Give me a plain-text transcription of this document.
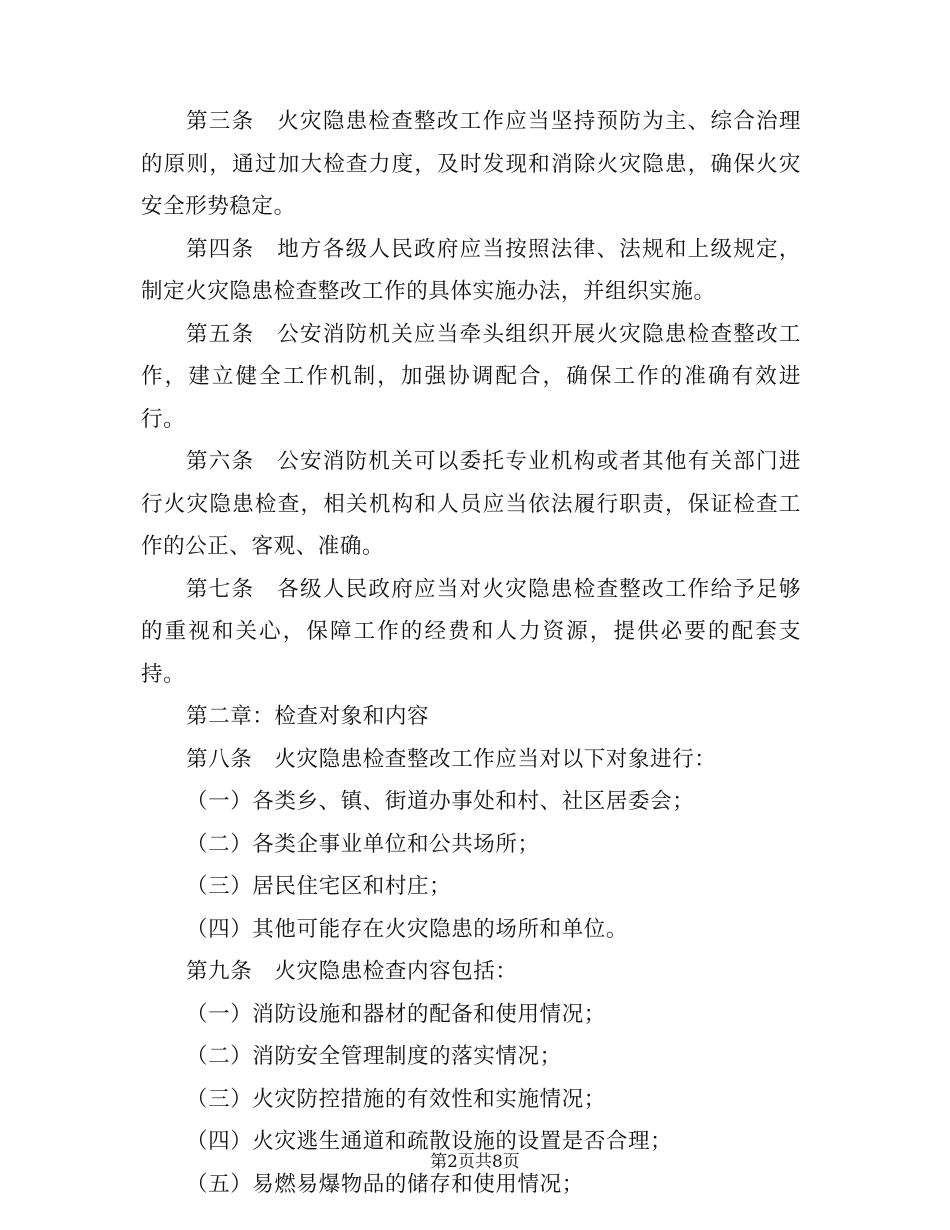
第三条　火灾隐患检查整改工作应当坚持预防为主、综合治理的原则，通过加大检查力度，及时发现和消除火灾隐患，确保火灾安全形势稳定。

第四条　地方各级人民政府应当按照法律、法规和上级规定，制定火灾隐患检查整改工作的具体实施办法，并组织实施。

第五条　公安消防机关应当牵头组织开展火灾隐患检查整改工作，建立健全工作机制，加强协调配合，确保工作的准确有效进行。

第六条　公安消防机关可以委托专业机构或者其他有关部门进行火灾隐患检查，相关机构和人员应当依法履行职责，保证检查工作的公正、客观、准确。

第七条　各级人民政府应当对火灾隐患检查整改工作给予足够的重视和关心，保障工作的经费和人力资源，提供必要的配套支持。

第二章：检查对象和内容

第八条　火灾隐患检查整改工作应当对以下对象进行：

（一）各类乡、镇、街道办事处和村、社区居委会；

（二）各类企事业单位和公共场所；

（三）居民住宅区和村庄；

（四）其他可能存在火灾隐患的场所和单位。

第九条　火灾隐患检查内容包括：

（一）消防设施和器材的配备和使用情况；

（二）消防安全管理制度的落实情况；

（三）火灾防控措施的有效性和实施情况；

（四）火灾逃生通道和疏散设施的设置是否合理；

（五）易燃易爆物品的储存和使用情况；

第2页共8页
